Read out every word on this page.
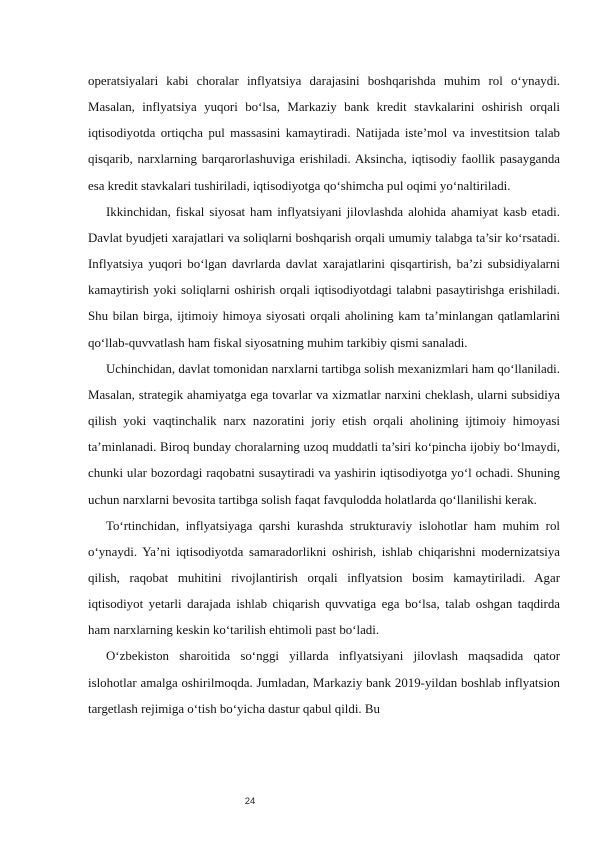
operatsiyalari kabi choralar inflyatsiya darajasini boshqarishda muhim rol o‘ynaydi. Masalan, inflyatsiya yuqori bo‘lsa, Markaziy bank kredit stavkalarini oshirish orqali iqtisodiyotda ortiqcha pul massasini kamaytiradi. Natijada iste’mol va investitsion talab qisqarib, narxlarning barqarorlashuviga erishiladi. Aksincha, iqtisodiy faollik pasayganda esa kredit stavkalari tushiriladi, iqtisodiyotga qo‘shimcha pul oqimi yo‘naltiriladi.

Ikkinchidan, fiskal siyosat ham inflyatsiyani jilovlashda alohida ahamiyat kasb etadi. Davlat byudjeti xarajatlari va soliqlarni boshqarish orqali umumiy talabga ta’sir ko‘rsatadi. Inflyatsiya yuqori bo‘lgan davrlarda davlat xarajatlarini qisqartirish, ba’zi subsidiyalarni kamaytirish yoki soliqlarni oshirish orqali iqtisodiyotdagi talabni pasaytirishga erishiladi. Shu bilan birga, ijtimoiy himoya siyosati orqali aholining kam ta’minlangan qatlamlarini qo‘llab-quvvatlash ham fiskal siyosatning muhim tarkibiy qismi sanaladi.

Uchinchidan, davlat tomonidan narxlarni tartibga solish mexanizmlari ham qo‘llaniladi. Masalan, strategik ahamiyatga ega tovarlar va xizmatlar narxini cheklash, ularni subsidiya qilish yoki vaqtinchalik narx nazoratini joriy etish orqali aholining ijtimoiy himoyasi ta’minlanadi. Biroq bunday choralarning uzoq muddatli ta’siri ko‘pincha ijobiy bo‘lmaydi, chunki ular bozordagi raqobatni susaytiradi va yashirin iqtisodiyotga yo‘l ochadi. Shuning uchun narxlarni bevosita tartibga solish faqat favqulodda holatlarda qo‘llanilishi kerak.

To‘rtinchidan, inflyatsiyaga qarshi kurashda strukturaviy islohotlar ham muhim rol o‘ynaydi. Ya’ni iqtisodiyotda samaradorlikni oshirish, ishlab chiqarishni modernizatsiya qilish, raqobat muhitini rivojlantirish orqali inflyatsion bosim kamaytiriladi. Agar iqtisodiyot yetarli darajada ishlab chiqarish quvvatiga ega bo‘lsa, talab oshgan taqdirda ham narxlarning keskin ko‘tarilish ehtimoli past bo‘ladi.

O‘zbekiston sharoitida so‘nggi yillarda inflyatsiyani jilovlash maqsadida qator islohotlar amalga oshirilmoqda. Jumladan, Markaziy bank 2019-yildan boshlab inflyatsion targetlash rejimiga o‘tish bo‘yicha dastur qabul qildi. Bu

24
